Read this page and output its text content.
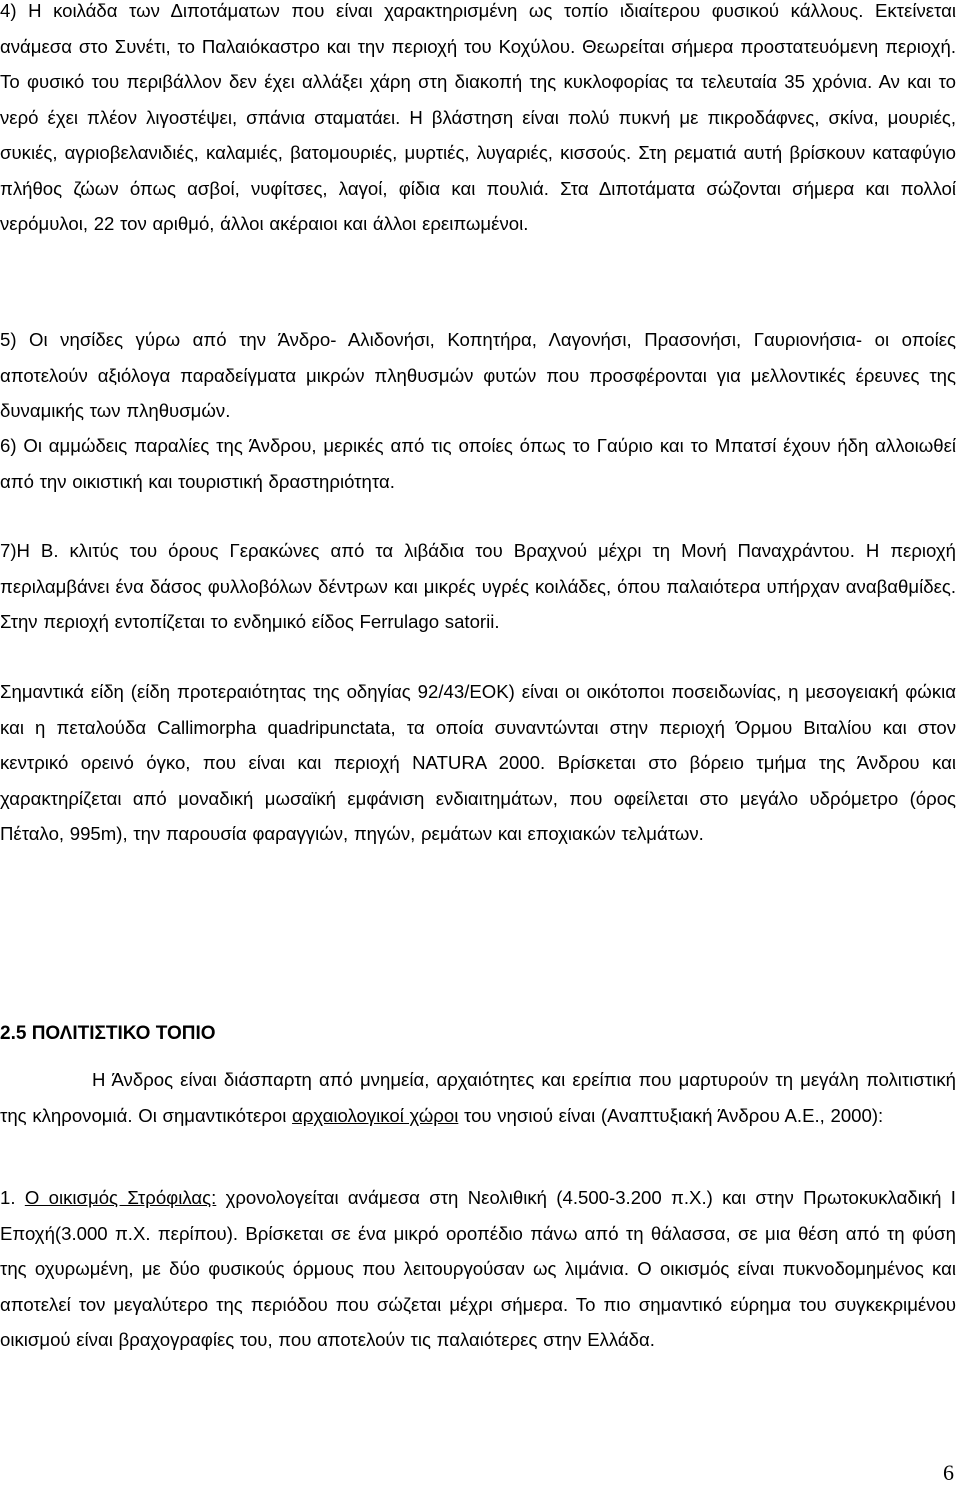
4) Η κοιλάδα των Διποτάματων που είναι χαρακτηρισμένη ως τοπίο ιδιαίτερου φυσικού κάλλους. Εκτείνεται ανάμεσα στο Συνέτι, το Παλαιόκαστρο και την περιοχή του Κοχύλου. Θεωρείται σήμερα προστατευόμενη περιοχή. Το φυσικό του περιβάλλον δεν έχει αλλάξει χάρη στη διακοπή της κυκλοφορίας τα τελευταία 35 χρόνια. Αν και το νερό έχει πλέον λιγοστέψει, σπάνια σταματάει. Η βλάστηση είναι πολύ πυκνή με πικροδάφνες, σκίνα, μουριές, συκιές, αγριοβελανιδιές, καλαμιές, βατομουριές, μυρτιές, λυγαριές, κισσούς. Στη ρεματιά αυτή βρίσκουν καταφύγιο πλήθος ζώων όπως ασβοί, νυφίτσες, λαγοί, φίδια και πουλιά. Στα Διποτάματα σώζονται σήμερα και πολλοί νερόμυλοι, 22 τον αριθμό, άλλοι ακέραιοι και άλλοι ερειπωμένοι.

5) Οι νησίδες γύρω από την Άνδρο- Αλιδονήσι, Κοπητήρα, Λαγονήσι, Πρασονήσι, Γαυριονήσια- οι οποίες αποτελούν αξιόλογα παραδείγματα μικρών πληθυσμών φυτών που προσφέρονται για μελλοντικές έρευνες της δυναμικής των πληθυσμών.

6) Οι αμμώδεις παραλίες της Άνδρου, μερικές από τις οποίες όπως το Γαύριο και το Μπατσί έχουν ήδη αλλοιωθεί από την οικιστική και τουριστική δραστηριότητα.

7)Η Β. κλιτύς του όρους Γερακώνες από τα λιβάδια του Βραχνού μέχρι τη Μονή Παναχράντου. Η περιοχή περιλαμβάνει ένα δάσος φυλλοβόλων δέντρων και μικρές υγρές κοιλάδες, όπου παλαιότερα υπήρχαν αναβαθμίδες. Στην περιοχή εντοπίζεται το ενδημικό είδος Ferrulago satorii.

Σημαντικά είδη (είδη προτεραιότητας της οδηγίας 92/43/ΕΟΚ) είναι οι οικότοποι ποσειδωνίας, η μεσογειακή φώκια και η πεταλούδα Callimorpha quadripunctata, τα οποία συναντώνται στην περιοχή Όρμου Βιταλίου και στον κεντρικό ορεινό όγκο, που είναι και περιοχή NATURA 2000. Βρίσκεται στο βόρειο τμήμα της Άνδρου και χαρακτηρίζεται από μοναδική μωσαϊκή εμφάνιση ενδιαιτημάτων, που οφείλεται στο μεγάλο υδρόμετρο (όρος Πέταλο, 995m), την παρουσία φαραγγιών, πηγών, ρεμάτων και εποχιακών τελμάτων.

2.5 ΠΟΛΙΤΙΣΤΙΚΟ ΤΟΠΙΟ

Η Άνδρος είναι διάσπαρτη από μνημεία, αρχαιότητες και ερείπια που μαρτυρούν τη μεγάλη πολιτιστική της κληρονομιά. Οι σημαντικότεροι αρχαιολογικοί χώροι του νησιού είναι (Αναπτυξιακή Άνδρου Α.Ε., 2000):

1. Ο οικισμός Στρόφιλας: χρονολογείται ανάμεσα στη Νεολιθική (4.500-3.200 π.Χ.) και στην Πρωτοκυκλαδική Ι Εποχή(3.000 π.Χ. περίπου). Βρίσκεται σε ένα μικρό οροπέδιο πάνω από τη θάλασσα, σε μια θέση από τη φύση της οχυρωμένη, με δύο φυσικούς όρμους που λειτουργούσαν ως λιμάνια. Ο οικισμός είναι πυκνοδομημένος και αποτελεί τον μεγαλύτερο της περιόδου που σώζεται μέχρι σήμερα. Το πιο σημαντικό εύρημα του συγκεκριμένου οικισμού είναι βραχογραφίες του, που αποτελούν τις παλαιότερες στην Ελλάδα.

6
